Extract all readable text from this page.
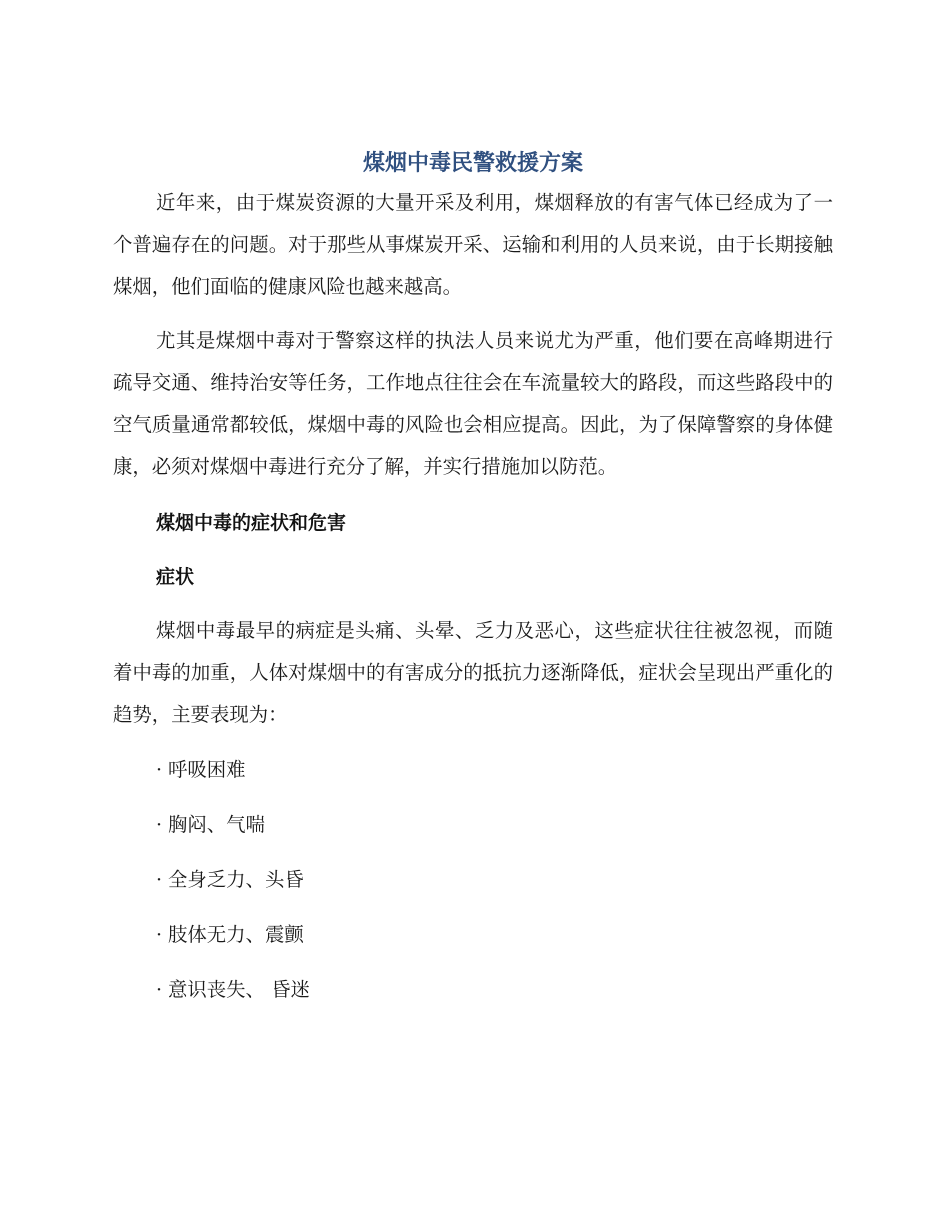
煤烟中毒民警救援方案

近年来，由于煤炭资源的大量开采及利用，煤烟释放的有害气体已经成为了一个普遍存在的问题。对于那些从事煤炭开采、运输和利用的人员来说，由于长期接触煤烟，他们面临的健康风险也越来越高。

尤其是煤烟中毒对于警察这样的执法人员来说尤为严重，他们要在高峰期进行疏导交通、维持治安等任务，工作地点往往会在车流量较大的路段，而这些路段中的空气质量通常都较低，煤烟中毒的风险也会相应提高。因此，为了保障警察的身体健康，必须对煤烟中毒进行充分了解，并实行措施加以防范。

煤烟中毒的症状和危害
症状

煤烟中毒最早的病症是头痛、头晕、乏力及恶心，这些症状往往被忽视，而随着中毒的加重，人体对煤烟中的有害成分的抵抗力逐渐降低，症状会呈现出严重化的趋势，主要表现为：

· 呼吸困难
· 胸闷、气喘
· 全身乏力、头昏
· 肢体无力、震颤
· 意识丧失、 昏迷
